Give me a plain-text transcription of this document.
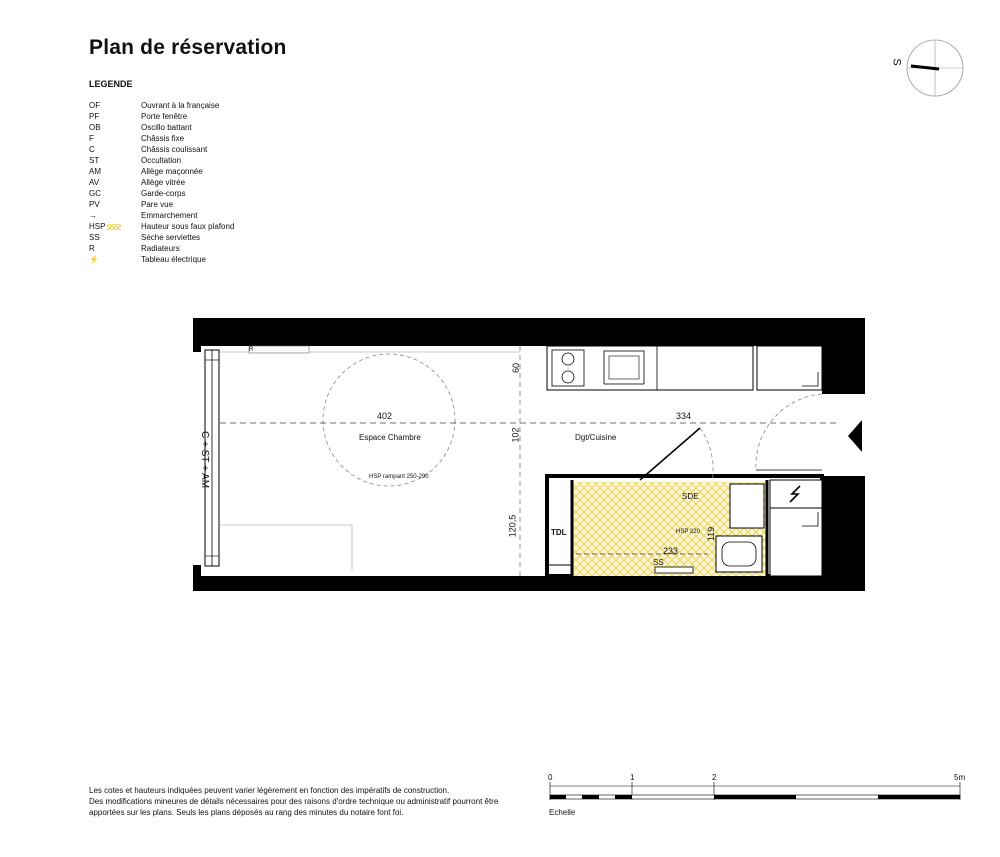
Plan de réservation
LEGENDE
OF	Ouvrant à la française
PF	Porte fenêtre
OB	Oscillo battant
F	Châssis fixe
C	Châssis coulissant
ST	Occultation
AM	Allège maçonnée
AV	Allège vitrée
GC	Garde-corps
PV	Pare vue
→	Emmarchement
HSP	Hauteur sous faux plafond
SS	Sèche serviettes
R	Radiateurs
⚡	Tableau électrique
S
C + ST + AM
R
402	334
Espace Chambre	Dgt/Cuisine
HSP rampant 250-290
60
102
120,5	TDL
SDE
HSP 220 119
233
SS
Les cotes et hauteurs indiquées peuvent varier légèrement en fonction des impératifs de construction.
Des modifications mineures de détails nécessaires pour des raisons d'ordre technique ou administratif pourront être
apportées sur les plans. Seuls les plans déposés au rang des minutes du notaire font foi.
0	1	2	5m
Echelle
